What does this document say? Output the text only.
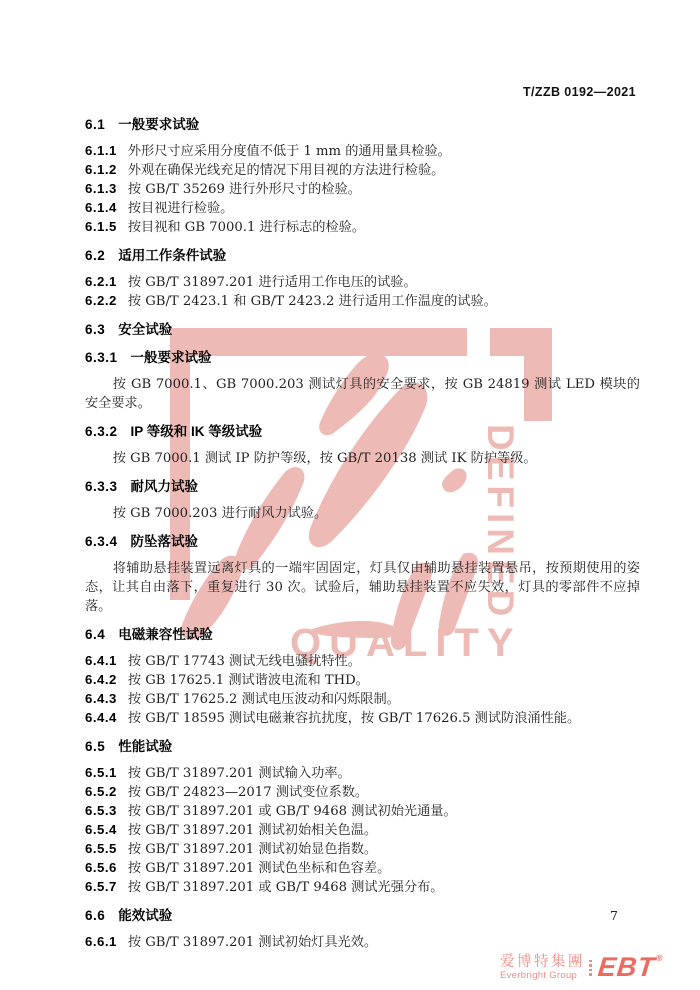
T/ZZB 0192—2021
DEFINED
QUALITY
6.1 一般要求试验
6.1.1 外形尺寸应采用分度值不低于 1 mm 的通用量具检验。
6.1.2 外观在确保光线充足的情况下用目视的方法进行检验。
6.1.3 按 GB/T 35269 进行外形尺寸的检验。
6.1.4 按目视进行检验。
6.1.5 按目视和 GB 7000.1 进行标志的检验。
6.2 适用工作条件试验
6.2.1 按 GB/T 31897.201 进行适用工作电压的试验。
6.2.2 按 GB/T 2423.1 和 GB/T 2423.2 进行适用工作温度的试验。
6.3 安全试验
6.3.1 一般要求试验
按 GB 7000.1、GB 7000.203 测试灯具的安全要求，按 GB 24819 测试 LED 模块的安全要求。
6.3.2 IP 等级和 IK 等级试验
按 GB 7000.1 测试 IP 防护等级，按 GB/T 20138 测试 IK 防护等级。
6.3.3 耐风力试验
按 GB 7000.203 进行耐风力试验。
6.3.4 防坠落试验
将辅助悬挂装置远离灯具的一端牢固固定，灯具仅由辅助悬挂装置悬吊，按预期使用的姿态，让其自由落下，重复进行 30 次。试验后，辅助悬挂装置不应失效，灯具的零部件不应掉落。
6.4 电磁兼容性试验
6.4.1 按 GB/T 17743 测试无线电骚扰特性。
6.4.2 按 GB 17625.1 测试谐波电流和 THD。
6.4.3 按 GB/T 17625.2 测试电压波动和闪烁限制。
6.4.4 按 GB/T 18595 测试电磁兼容抗扰度，按 GB/T 17626.5 测试防浪涌性能。
6.5 性能试验
6.5.1 按 GB/T 31897.201 测试输入功率。
6.5.2 按 GB/T 24823—2017 测试变位系数。
6.5.3 按 GB/T 31897.201 或 GB/T 9468 测试初始光通量。
6.5.4 按 GB/T 31897.201 测试初始相关色温。
6.5.5 按 GB/T 31897.201 测试初始显色指数。
6.5.6 按 GB/T 31897.201 测试色坐标和色容差。
6.5.7 按 GB/T 31897.201 或 GB/T 9468 测试光强分布。
6.6 能效试验
6.6.1 按 GB/T 31897.201 测试初始灯具光效。
7
爱博特集團
Everbright Group EBT®
